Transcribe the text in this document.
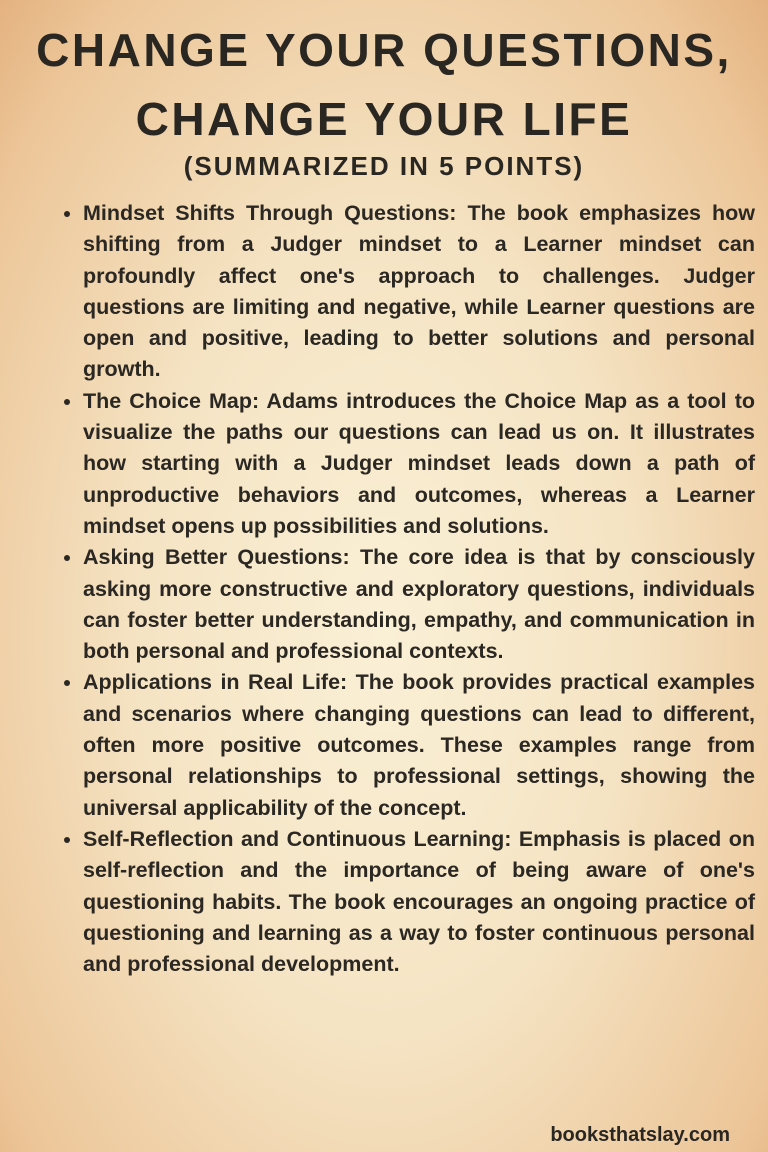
CHANGE YOUR QUESTIONS,
CHANGE YOUR LIFE
(SUMMARIZED IN 5 POINTS)
• Mindset Shifts Through Questions: The book emphasizes how shifting from a Judger mindset to a Learner mindset can profoundly affect one's approach to challenges. Judger questions are limiting and negative, while Learner questions are open and positive, leading to better solutions and personal growth.
• The Choice Map: Adams introduces the Choice Map as a tool to visualize the paths our questions can lead us on. It illustrates how starting with a Judger mindset leads down a path of unproductive behaviors and outcomes, whereas a Learner mindset opens up possibilities and solutions.
• Asking Better Questions: The core idea is that by consciously asking more constructive and exploratory questions, individuals can foster better understanding, empathy, and communication in both personal and professional contexts.
• Applications in Real Life: The book provides practical examples and scenarios where changing questions can lead to different, often more positive outcomes. These examples range from personal relationships to professional settings, showing the universal applicability of the concept.
• Self-Reflection and Continuous Learning: Emphasis is placed on self-reflection and the importance of being aware of one's questioning habits. The book encourages an ongoing practice of questioning and learning as a way to foster continuous personal and professional development.
booksthatslay.com
